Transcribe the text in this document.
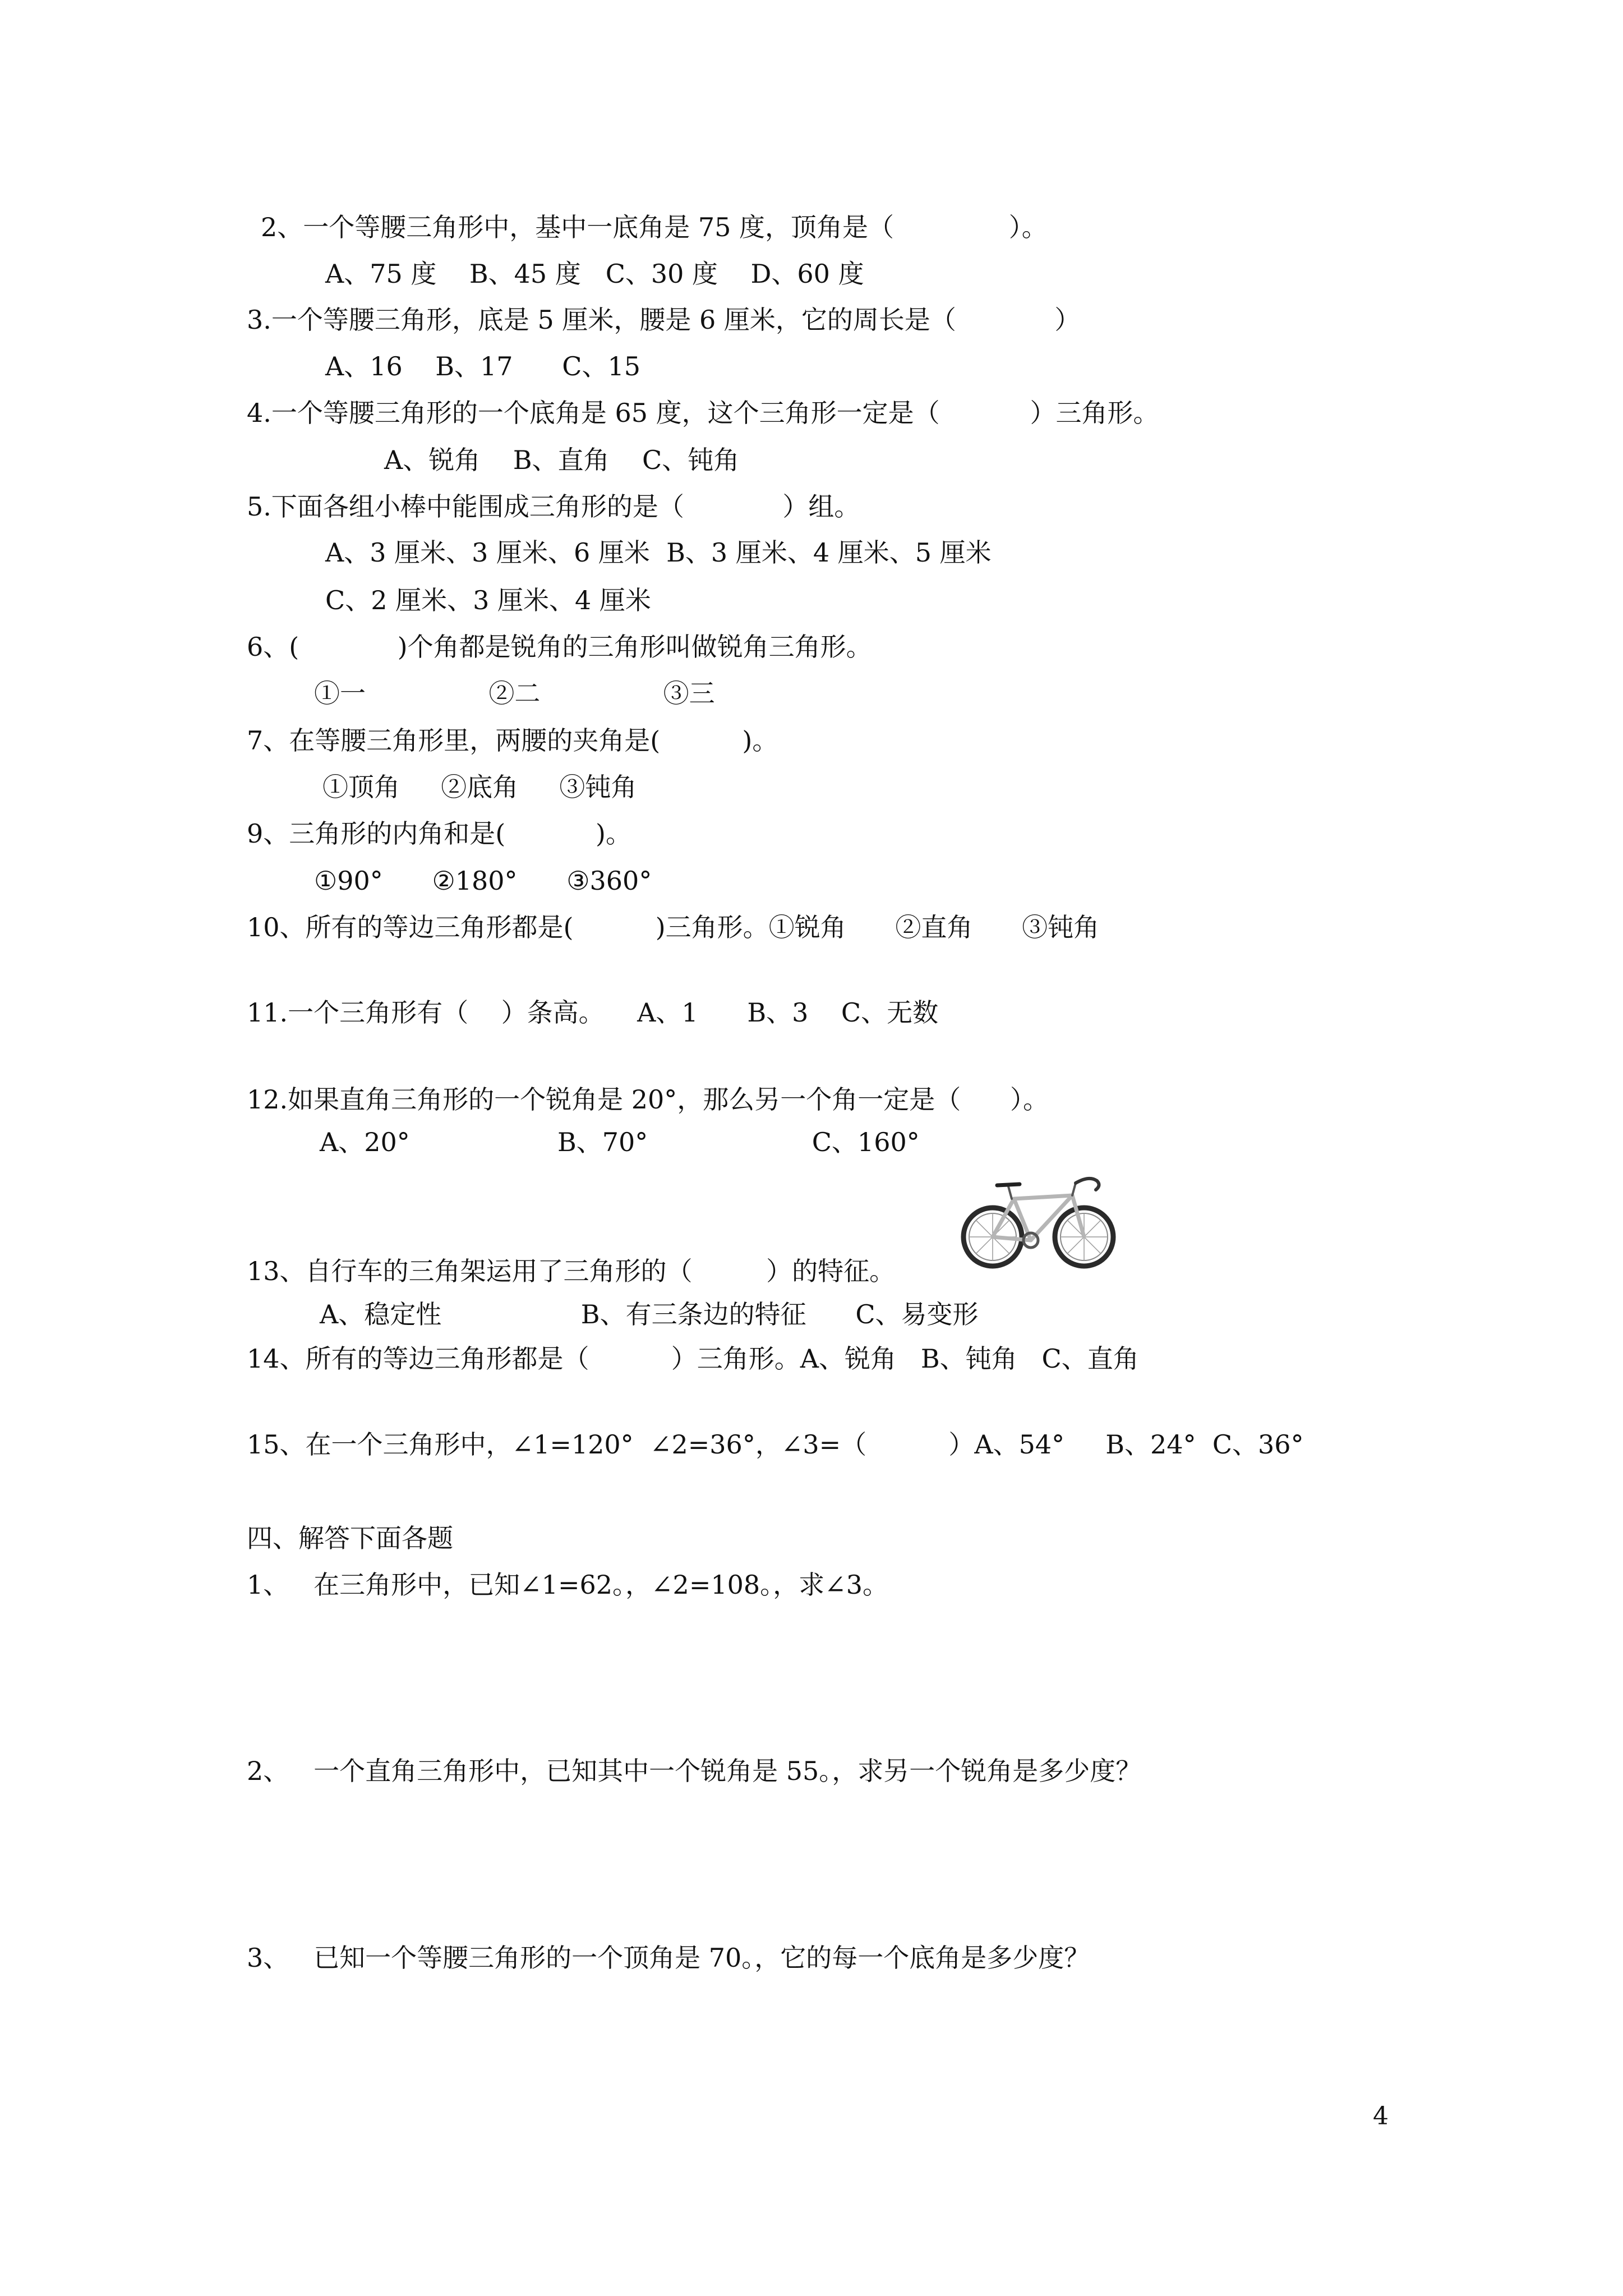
2、一个等腰三角形中，基中一底角是 75 度，顶角是（              ）。
A、75 度    B、45 度   C、30 度    D、60 度
3.一个等腰三角形，底是 5 厘米，腰是 6 厘米，它的周长是（            ）
A、16    B、17      C、15
4.一个等腰三角形的一个底角是 65 度，这个三角形一定是（           ）三角形。
A、锐角    B、直角    C、钝角
5.下面各组小棒中能围成三角形的是（            ）组。
A、3 厘米、3 厘米、6 厘米  B、3 厘米、4 厘米、5 厘米
C、2 厘米、3 厘米、4 厘米
6、(            )个角都是锐角的三角形叫做锐角三角形。
①一               ②二               ③三
7、在等腰三角形里，两腰的夹角是(          )。
①顶角     ②底角     ③钝角
9、三角形的内角和是(           )。
①90°      ②180°      ③360°
10、所有的等边三角形都是(          )三角形。①锐角      ②直角      ③钝角
11.一个三角形有（    ）条高。    A、1      B、3    C、无数
12.如果直角三角形的一个锐角是 20°，那么另一个角一定是（      ）。
A、20°                  B、70°                    C、160°
13、自行车的三角架运用了三角形的（         ）的特征。
A、稳定性                 B、有三条边的特征      C、易变形
14、所有的等边三角形都是（          ）三角形。A、锐角   B、钝角   C、直角
15、在一个三角形中，∠1=120°  ∠2=36°，∠3=（          ）A、54°     B、24°  C、36°
四、解答下面各题
1、   在三角形中，已知∠1=62。，∠2=108。，求∠3。
2、   一个直角三角形中，已知其中一个锐角是 55。，求另一个锐角是多少度？
3、   已知一个等腰三角形的一个顶角是 70。，它的每一个底角是多少度？
4
